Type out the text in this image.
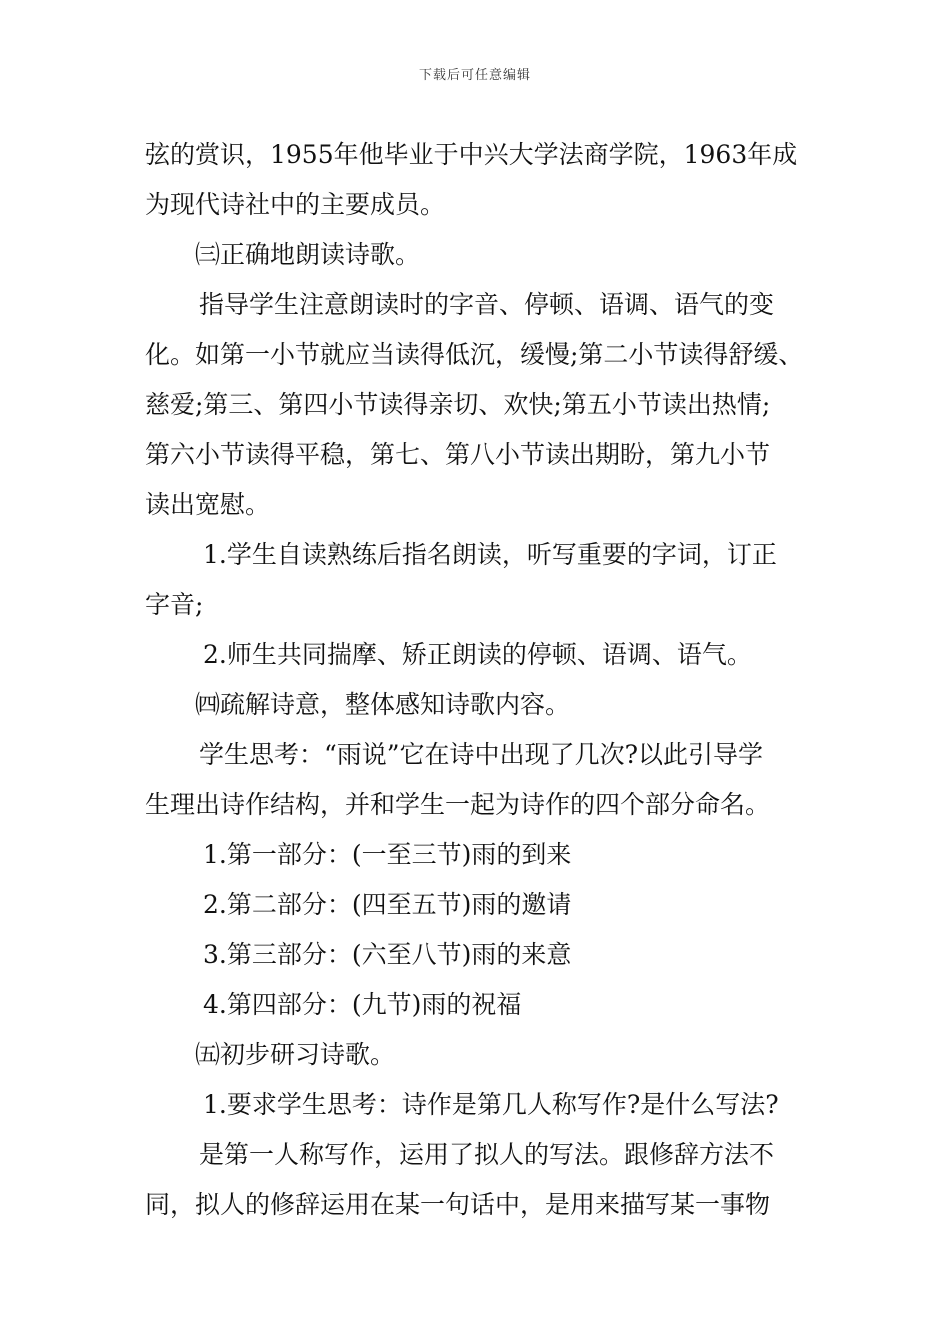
下载后可任意编辑
弦的赏识，1955年他毕业于中兴大学法商学院，1963年成
为现代诗社中的主要成员。
㈢正确地朗读诗歌。
指导学生注意朗读时的字音、停顿、语调、语气的变
化。如第一小节就应当读得低沉，缓慢;第二小节读得舒缓、
慈爱;第三、第四小节读得亲切、欢快;第五小节读出热情;
第六小节读得平稳，第七、第八小节读出期盼，第九小节
读出宽慰。
1.学生自读熟练后指名朗读，听写重要的字词，订正
字音;
2.师生共同揣摩、矫正朗读的停顿、语调、语气。
㈣疏解诗意，整体感知诗歌内容。
学生思考：“雨说”它在诗中出现了几次?以此引导学
生理出诗作结构，并和学生一起为诗作的四个部分命名。
1.第一部分：(一至三节)雨的到来
2.第二部分：(四至五节)雨的邀请
3.第三部分：(六至八节)雨的来意
4.第四部分：(九节)雨的祝福
㈤初步研习诗歌。
1.要求学生思考：诗作是第几人称写作?是什么写法?
是第一人称写作，运用了拟人的写法。跟修辞方法不
同，拟人的修辞运用在某一句话中，是用来描写某一事物
